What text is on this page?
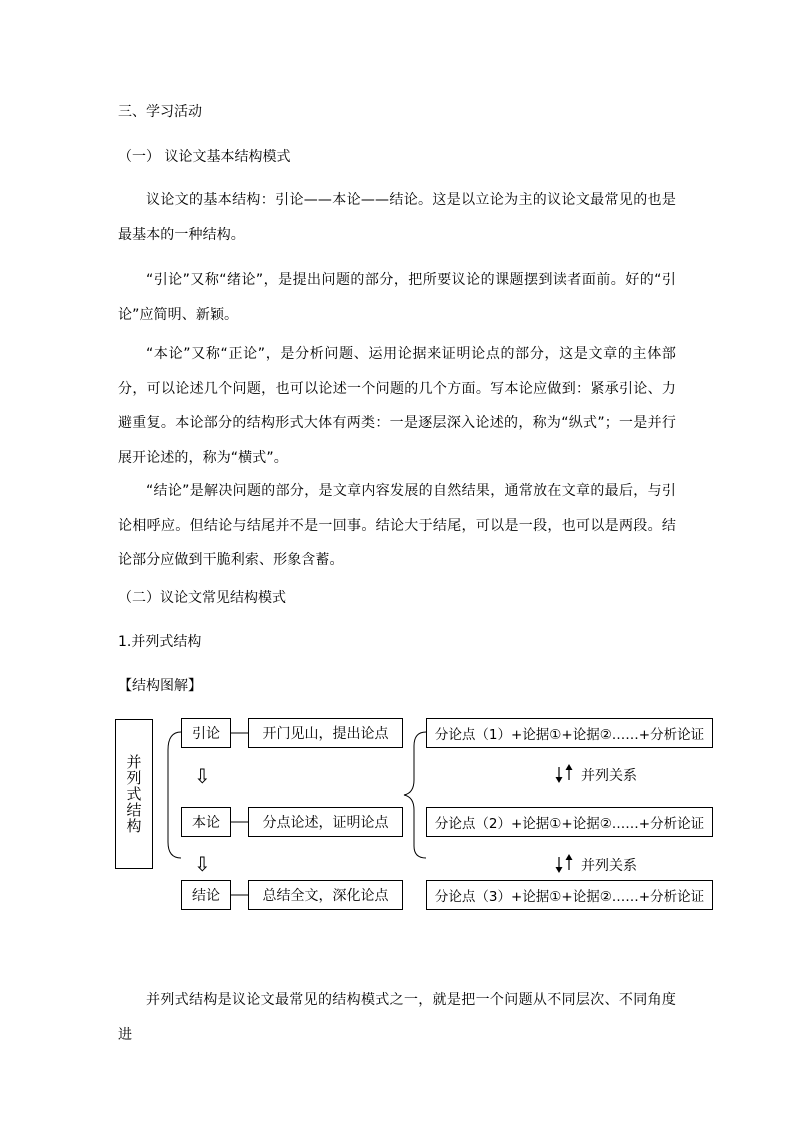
三、学习活动
（一） 议论文基本结构模式
议论文的基本结构：引论——本论——结论。这是以立论为主的议论文最常见的也是最基本的一种结构。
“引论”又称“绪论”，是提出问题的部分，把所要议论的课题摆到读者面前。好的“引论”应简明、新颖。
“本论”又称“正论”，是分析问题、运用论据来证明论点的部分，这是文章的主体部分，可以论述几个问题，也可以论述一个问题的几个方面。写本论应做到：紧承引论、力避重复。本论部分的结构形式大体有两类：一是逐层深入论述的，称为“纵式”；一是并行展开论述的，称为“横式”。
“结论”是解决问题的部分，是文章内容发展的自然结果，通常放在文章的最后，与引论相呼应。但结论与结尾并不是一回事。结论大于结尾，可以是一段，也可以是两段。结论部分应做到干脆利索、形象含蓄。
（二）议论文常见结构模式
1.并列式结构
【结构图解】
并列式结构
引论
本论
结论
⇩
⇩
开门见山，提出论点
分点论述，证明论点
总结全文，深化论点
分论点（1）+论据①+论据②……+分析论证
分论点（2）+论据①+论据②……+分析论证
分论点（3）+论据①+论据②……+分析论证
并列关系
并列关系
并列式结构是议论文最常见的结构模式之一，就是把一个问题从不同层次、不同角度进
